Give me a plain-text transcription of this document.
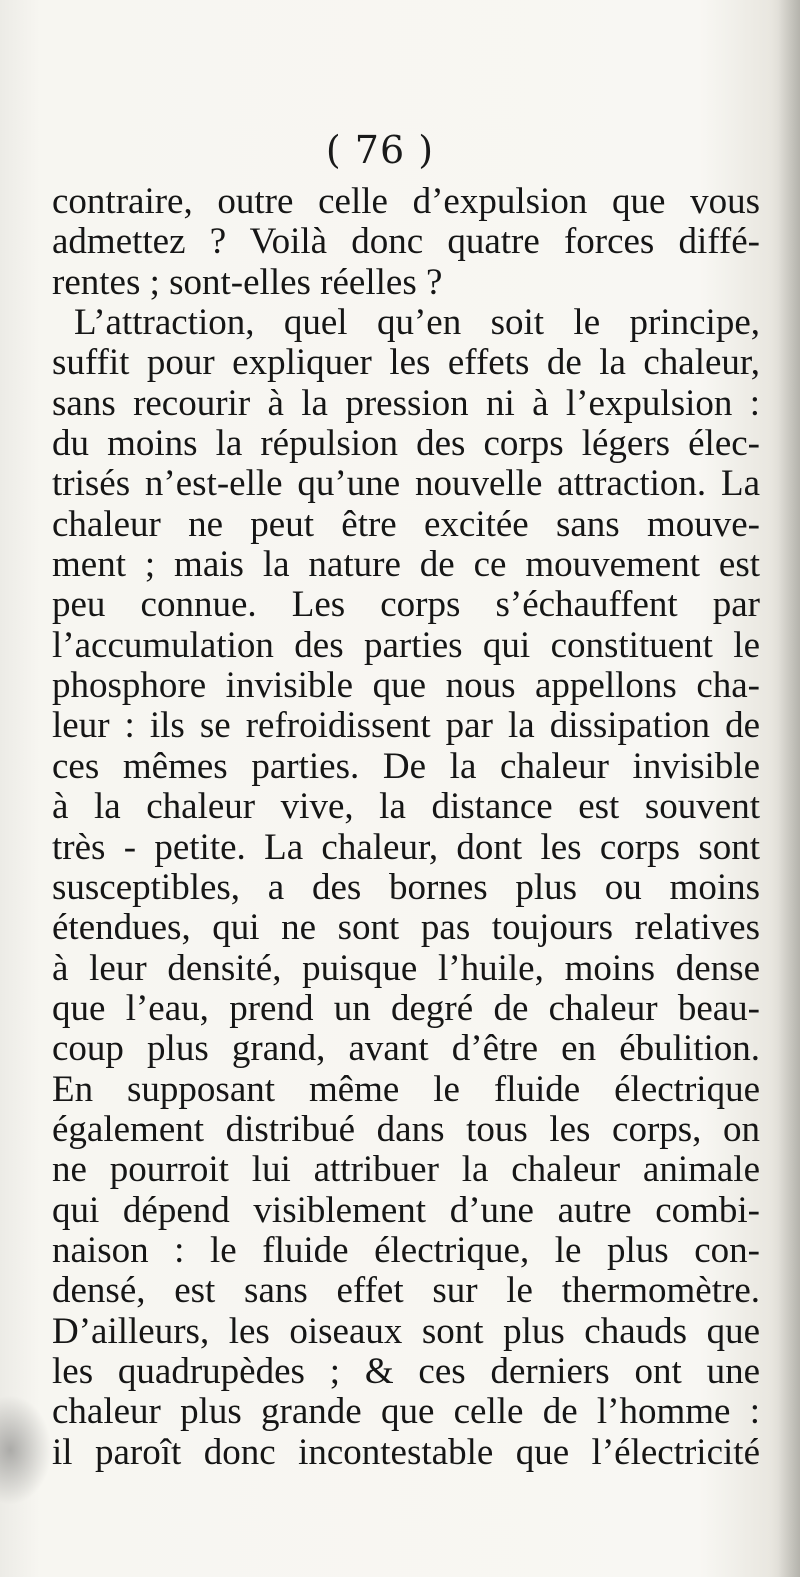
( 76 )
contraire, outre celle d’expulsion que vous
admettez ? Voilà donc quatre forces diffé-
rentes ; sont-elles réelles ?
L’attraction, quel qu’en soit le principe,
suffit pour expliquer les effets de la chaleur,
sans recourir à la pression ni à l’expulsion :
du moins la répulsion des corps légers élec-
trisés n’est-elle qu’une nouvelle attraction. La
chaleur ne peut être excitée sans mouve-
ment ; mais la nature de ce mouvement est
peu connue. Les corps s’échauffent par
l’accumulation des parties qui constituent le
phosphore invisible que nous appellons cha-
leur : ils se refroidissent par la dissipation de
ces mêmes parties. De la chaleur invisible
à la chaleur vive, la distance est souvent
très - petite. La chaleur, dont les corps sont
susceptibles, a des bornes plus ou moins
étendues, qui ne sont pas toujours relatives
à leur densité, puisque l’huile, moins dense
que l’eau, prend un degré de chaleur beau-
coup plus grand, avant d’être en ébulition.
En supposant même le fluide électrique
également distribué dans tous les corps, on
ne pourroit lui attribuer la chaleur animale
qui dépend visiblement d’une autre combi-
naison : le fluide électrique, le plus con-
densé, est sans effet sur le thermomètre.
D’ailleurs, les oiseaux sont plus chauds que
les quadrupèdes ; & ces derniers ont une
chaleur plus grande que celle de l’homme :
il paroît donc incontestable que l’électricité
